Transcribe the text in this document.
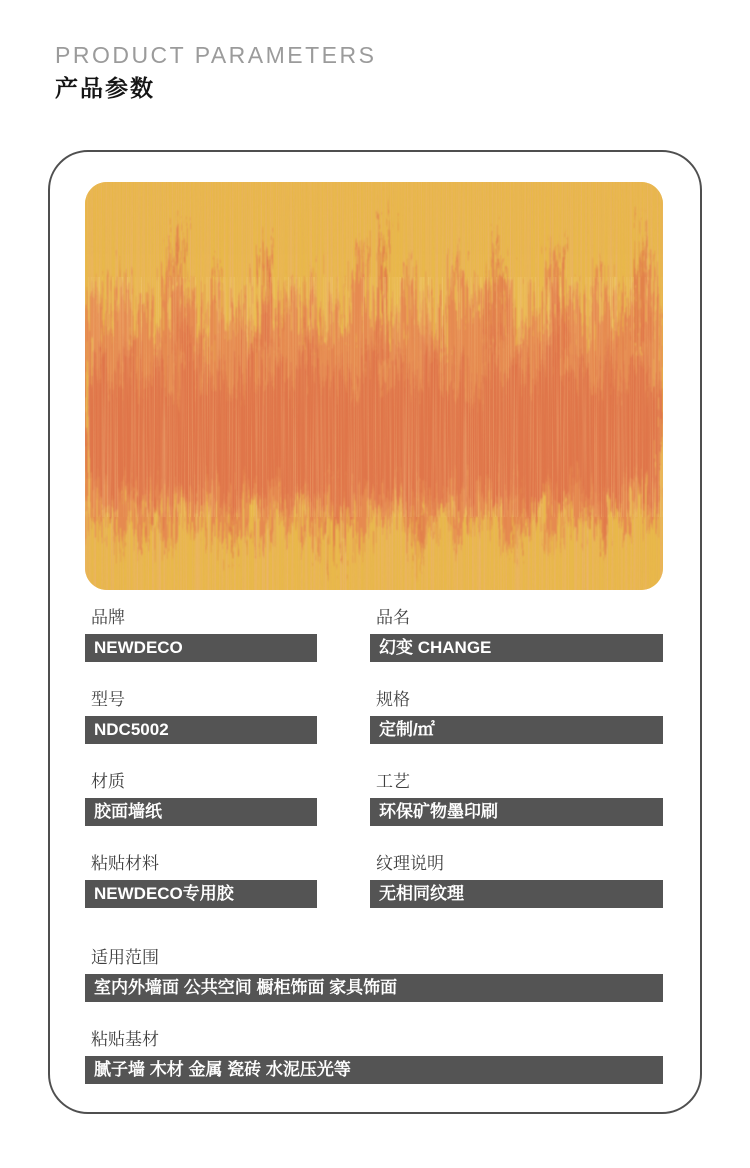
PRODUCT PARAMETERS
产品参数
品牌
NEWDECO
品名
幻变 CHANGE
型号
NDC5002
规格
定制/㎡
材质
胶面墙纸
工艺
环保矿物墨印刷
粘贴材料
NEWDECO专用胶
纹理说明
无相同纹理
适用范围
室内外墙面 公共空间 橱柜饰面 家具饰面
粘贴基材
腻子墙 木材 金属 瓷砖 水泥压光等
